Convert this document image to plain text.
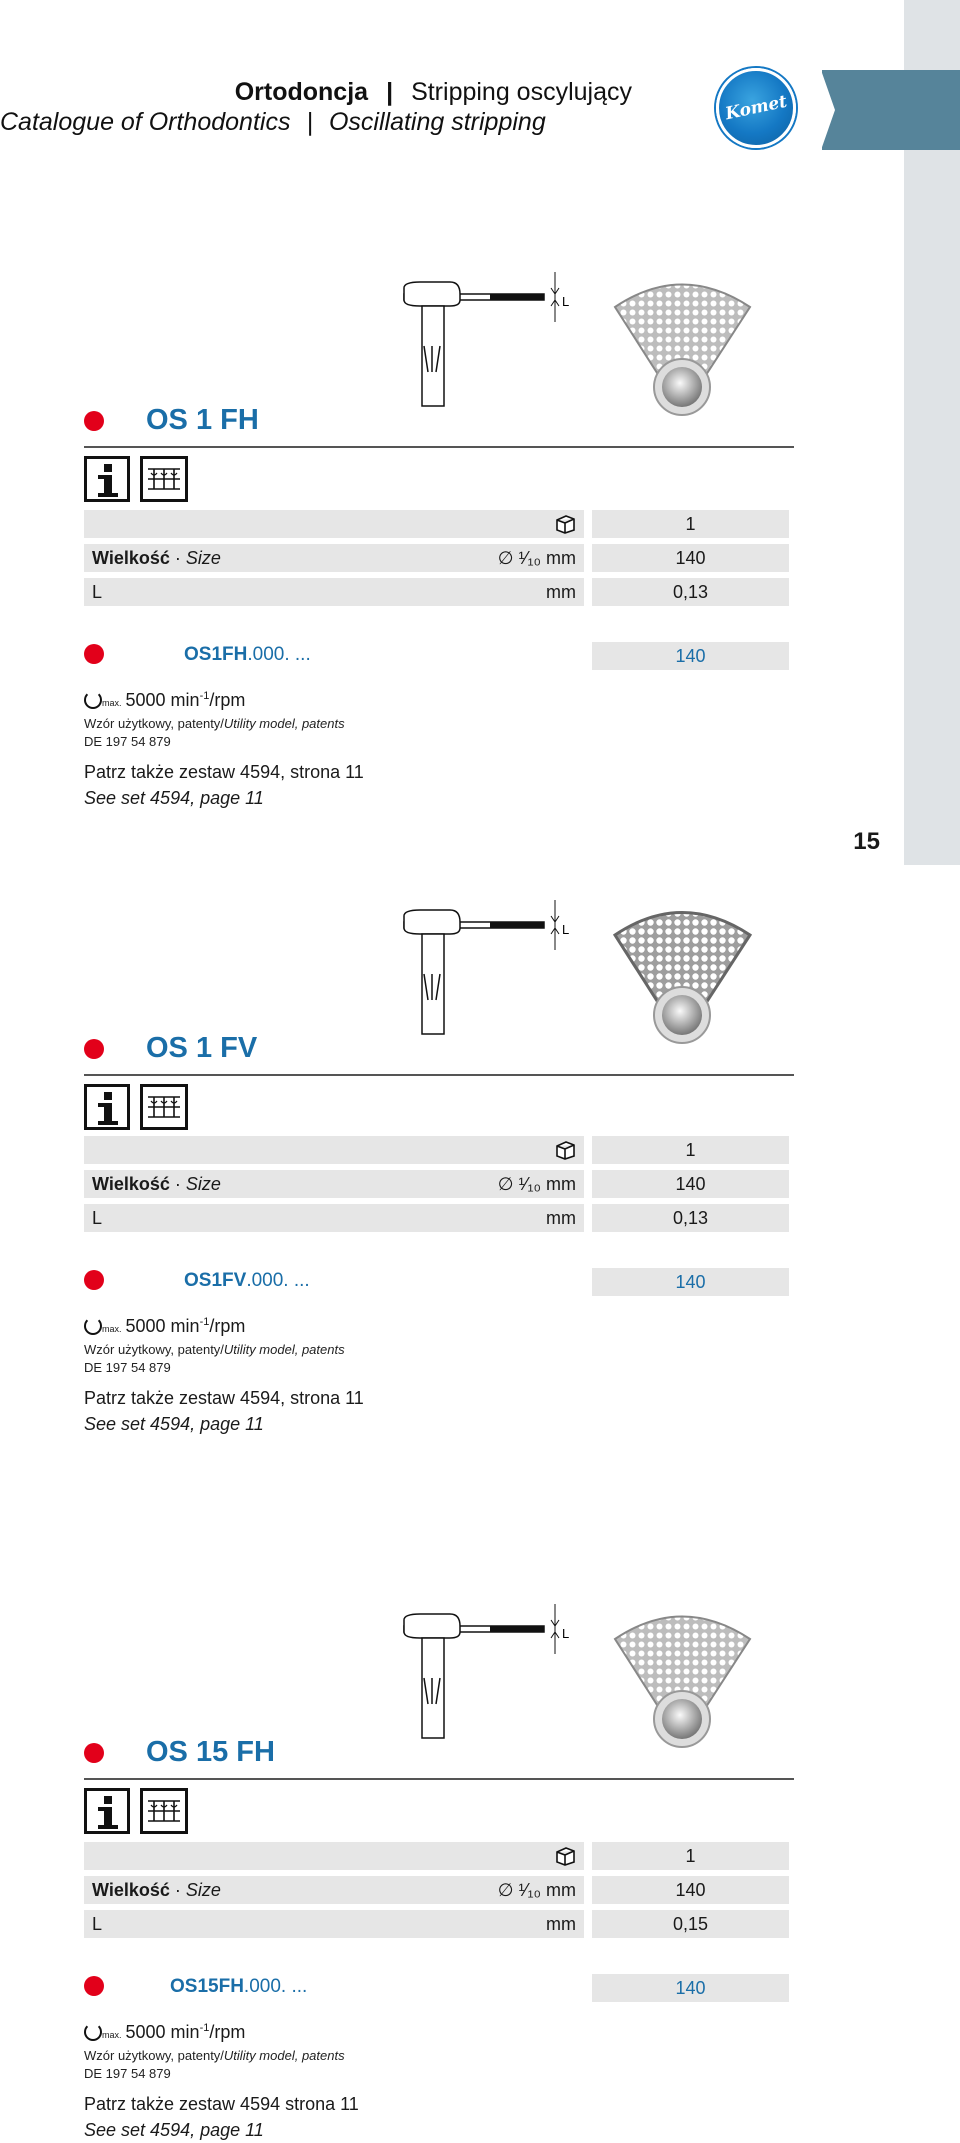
Komet
Ortodoncja | Stripping oscylujący
Catalogue of Orthodontics | Oscillating stripping
15
L
OS 1 FH
1
Wielkość · Size	∅ ¹⁄₁₀ mm	140
L	mm	0,13
OS1FH.000. ...	140
max. 5000 $\min^{-1}$/rpm
Wzór użytkowy, patenty/Utility model, patents
DE 197 54 879
Patrz także zestaw 4594, strona 11
See set 4594, page 11
L
OS 1 FV
1
Wielkość · Size	∅ ¹⁄₁₀ mm	140
L	mm	0,13
OS1FV.000. ...	140
max. 5000 $\min^{-1}$/rpm
Wzór użytkowy, patenty/Utility model, patents
DE 197 54 879
Patrz także zestaw 4594, strona 11
See set 4594, page 11
L
OS 15 FH
1
Wielkość · Size	∅ ¹⁄₁₀ mm	140
L	mm	0,15
OS15FH.000. ...	140
max. 5000 $\min^{-1}$/rpm
Wzór użytkowy, patenty/Utility model, patents
DE 197 54 879
Patrz także zestaw 4594 strona 11
See set 4594, page 11
